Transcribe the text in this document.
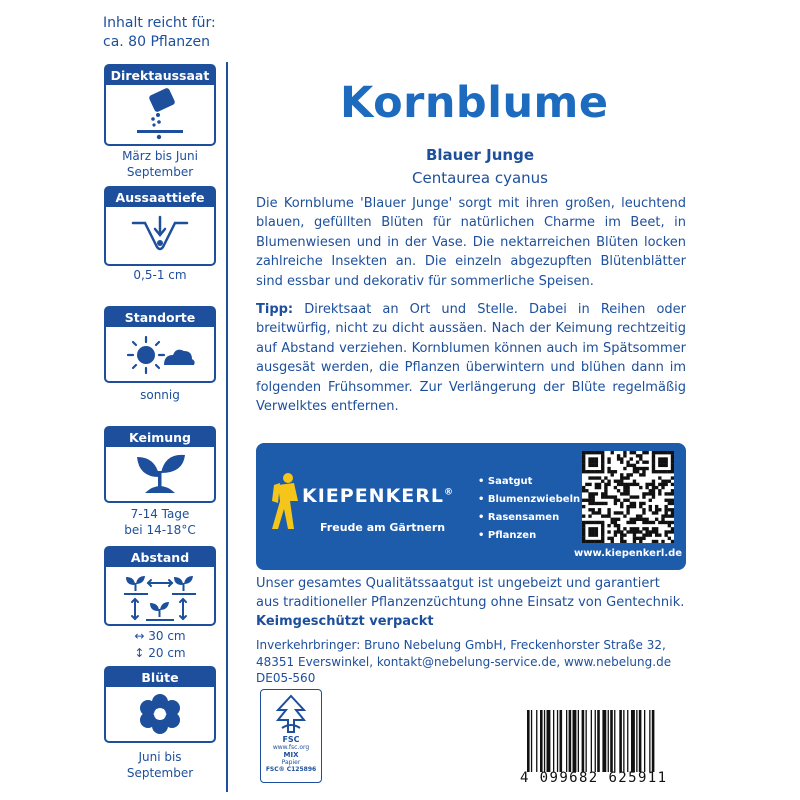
Inhalt reicht für:
ca. 80 Pflanzen
Direktaussaat
März bis Juni
September
Aussaattiefe
0,5-1 cm
Standorte
sonnig
Keimung
7-14 Tage
bei 14-18°C
Abstand
↔ 30 cm
↕ 20 cm
Blüte
Juni bis
September
Kornblume
Blauer Junge
Centaurea cyanus
Die Kornblume 'Blauer Junge' sorgt mit ihren großen, leuchtend blauen, gefüllten Blüten für natürlichen Charme im Beet, in Blumenwiesen und in der Vase. Die nektarreichen Blüten locken zahlreiche Insekten an. Die einzeln abgezupften Blütenblätter sind essbar und dekorativ für sommerliche Speisen.
Tipp: Direktsaat an Ort und Stelle. Dabei in Reihen oder breitwürfig, nicht zu dicht aussäen. Nach der Keimung rechtzeitig auf Abstand verziehen. Kornblumen können auch im Spätsommer ausgesät werden, die Pflanzen überwintern und blühen dann im folgenden Frühsommer. Zur Verlängerung der Blüte regelmäßig Verwelktes entfernen.
KIEPENKERL®
Freude am Gärtnern
• Saatgut
• Blumenzwiebeln
• Rasensamen
• Pflanzen
www.kiepenkerl.de
Unser gesamtes Qualitätssaatgut ist ungebeizt und garantiert aus traditioneller Pflanzenzüchtung ohne Einsatz von Gentechnik.
Keimgeschützt verpackt
Inverkehrbringer: Bruno Nebelung GmbH, Freckenhorster Straße 32,
48351 Everswinkel, kontakt@nebelung-service.de, www.nebelung.de
DE05-560
FSC
www.fsc.org
MIX
Papier
FSC® C125896
4 099682 625911
